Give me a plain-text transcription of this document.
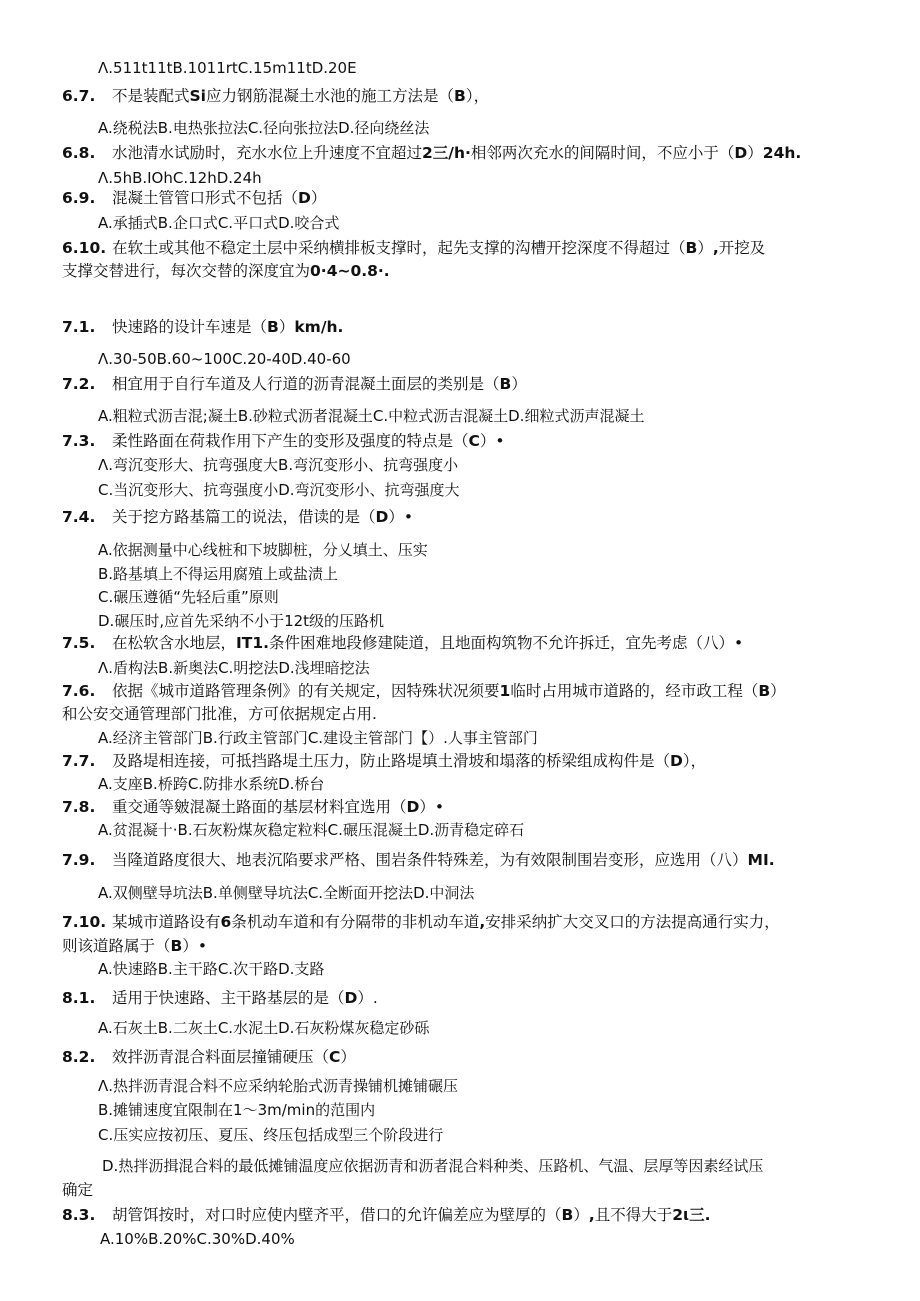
Λ.511t11tB.1011rtC.15m11tD.20E
6.7. 不是装配式Si应力钢筋混凝土水池的施工方法是（B），
A.绕税法B.电热张拉法C.径向张拉法D.径向绕丝法
6.8. 水池清水试励时，充水水位上升速度不宜超过2三/h·相邻两次充水的间隔时间，不应小于（D）24h.
Λ.5hB.IOhC.12hD.24h
6.9. 混凝土管管口形式不包括（D）
A.承插式B.企口式C.平口式D.咬合式
6.10. 在软土或其他不稳定土层中采纳横排板支撑时，起先支撑的沟槽开挖深度不得超过（B）,开挖及
支撑交替进行，每次交替的深度宜为0·4~0.8·.
7.1. 快速路的设计车速是（B）km/h.
Λ.30-50B.60~100C.20-40D.40-60
7.2. 相宜用于自行车道及人行道的沥青混凝土面层的类别是（B）
A.粗粒式沥吉混;凝土B.砂粒式沥者混凝土C.中粒式沥吉混凝土D.细粒式沥声混凝土
7.3. 柔性路面在荷栽作用下产生的变形及强度的特点是（C）•
Λ.弯沉变形大、抗弯强度大B.弯沉变形小、抗弯强度小
C.当沉变形大、抗弯强度小D.弯沉变形小、抗弯强度大
7.4. 关于挖方路基篇工的说法，借读的是（D）•
A.依据测量中心线桩和下坡脚桩，分乂填土、压实
B.路基填上不得运用腐殖上或盐渍上
C.碾压遵循“先轻后重”原则
D.碾压时,应首先采纳不小于12t级的压路机
7.5. 在松软含水地层，IT1.条件困难地段修建陡道，且地面构筑物不允许拆迁，宜先考虑（八）•
Λ.盾构法B.新奥法C.明挖法D.浅埋暗挖法
7.6. 依据《城市道路管理条例》的有关规定，因特殊状况须要1临时占用城市道路的，经市政工程（B）
和公安交通管理部门批准，方可依据规定占用.
A.经济主管部门B.行政主管部门C.建设主管部门【）.人事主管部门
7.7. 及路堤相连接，可抵挡路堤土压力，防止路堤填土滑坡和塌落的桥梁组成构件是（D），
A.支座B.桥跨C.防排水系统D.桥台
7.8. 重交通等皴混凝土路面的基层材料宜选用（D）•
A.贫混凝十·B.石灰粉煤灰稳定粒料C.碾压混凝土D.沥青稳定碎石
7.9. 当隆道路度很大、地表沉陷要求严格、围岩条件特殊差，为有效限制围岩变形，应选用（八）MI.
A.双侧壁导坑法B.单侧壁导坑法C.全断面开挖法D.中洞法
7.10. 某城市道路设有6条机动车道和有分隔带的非机动车道,安排采纳扩大交叉口的方法提高通行实力，
则该道路属于（B）•
A.快速路B.主干路C.次干路D.支路
8.1. 适用于快速路、主干路基层的是（D）.
A.石灰土B.二灰土C.水泥土D.石灰粉煤灰稳定砂砾
8.2. 效拌沥青混合料面层撞铺硬压（C）
Λ.热拌沥青混合料不应采纳轮胎式沥青操铺机摊铺碾压
B.摊铺速度宜限制在1～3m/min的范围内
C.压实应按初压、夏压、终压包括成型三个阶段进行
D.热拌沥揖混合料的最低摊铺温度应依据沥青和沥者混合料种类、压路机、气温、层厚等因素经试压
确定
8.3. 胡管饵按时，对口时应使内壁齐平，借口的允许偏差应为壁厚的（B）,且不得大于2ι三.
A.10%B.20%C.30%D.40%
